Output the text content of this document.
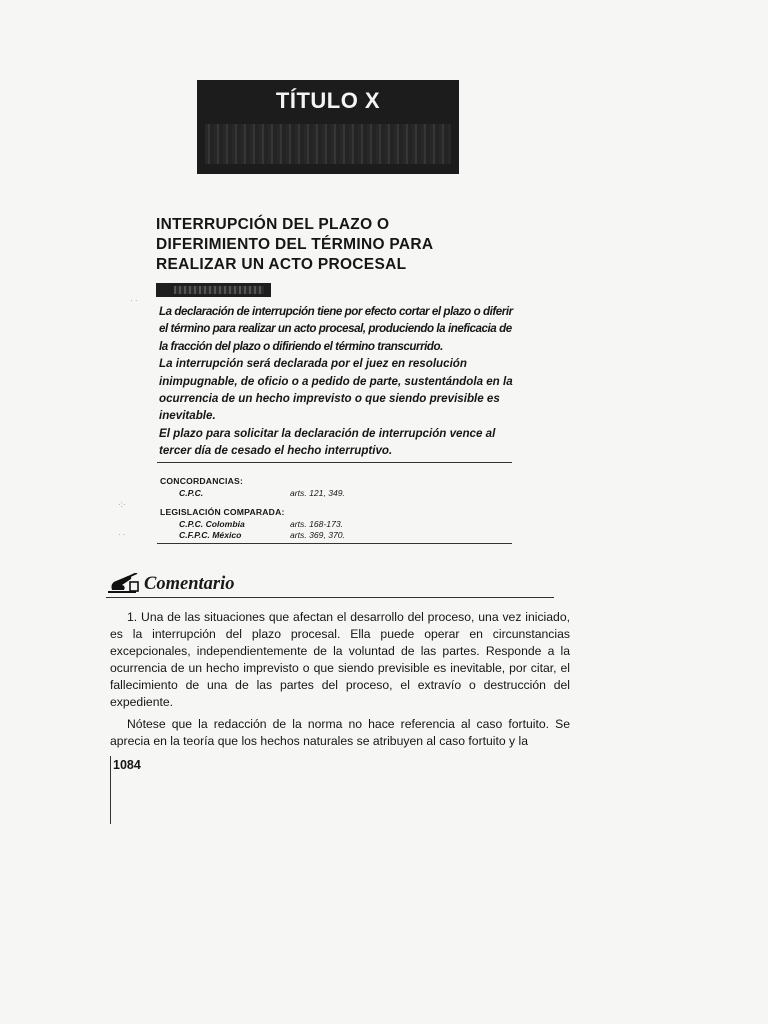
TÍTULO X
INTERRUPCIÓN DEL PLAZO O
DIFERIMIENTO DEL TÉRMINO PARA
REALIZAR UN ACTO PROCESAL

La declaración de interrupción tiene por efecto cortar el plazo o diferir el término para realizar un acto procesal, produciendo la ineficacia de la fracción del plazo o difiriendo el término transcurrido.

La interrupción será declarada por el juez en resolución inimpugnable, de oficio o a pedido de parte, sustentándola en la ocurrencia de un hecho imprevisto o que siendo previsible es inevitable.

El plazo para solicitar la declaración de interrupción vence al tercer día de cesado el hecho interruptivo.

CONCORDANCIAS:
C.P.C.	arts. 121, 349.
LEGISLACIÓN COMPARADA:
C.P.C. Colombia	arts. 168-173.
C.F.P.C. México	arts. 369, 370.
Comentario

1. Una de las situaciones que afectan el desarrollo del proceso, una vez iniciado, es la interrupción del plazo procesal. Ella puede operar en circunstancias excepcionales, independientemente de la voluntad de las partes. Responde a la ocurrencia de un hecho imprevisto o que siendo previsible es inevitable, por citar, el fallecimiento de una de las partes del proceso, el extravío o destrucción del expediente.

Nótese que la redacción de la norma no hace referencia al caso fortuito. Se aprecia en la teoría que los hechos naturales se atribuyen al caso fortuito y la

1084
· ·
·:·
· ·
